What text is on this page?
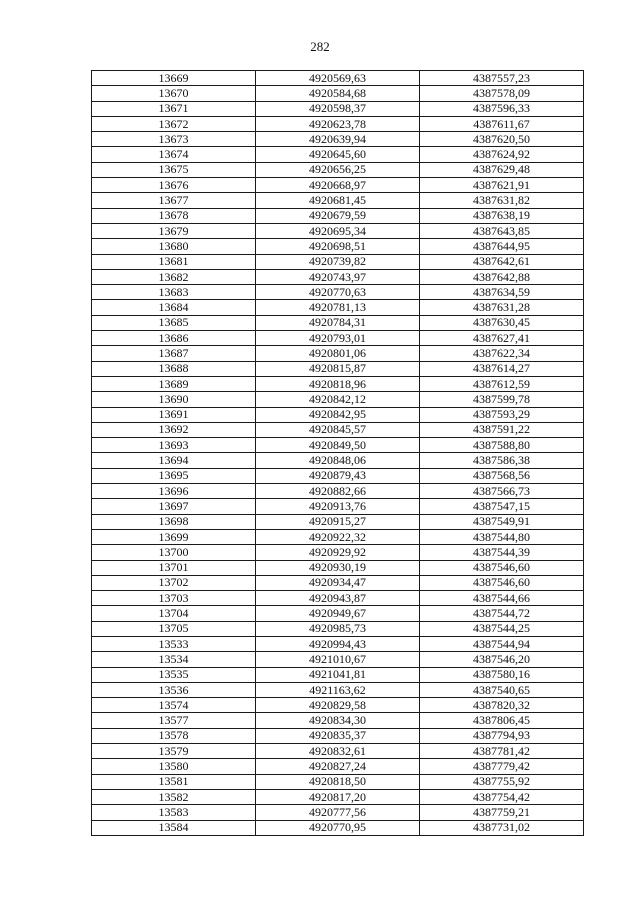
282
13669	4920569,63	4387557,23
13670	4920584,68	4387578,09
13671	4920598,37	4387596,33
13672	4920623,78	4387611,67
13673	4920639,94	4387620,50
13674	4920645,60	4387624,92
13675	4920656,25	4387629,48
13676	4920668,97	4387621,91
13677	4920681,45	4387631,82
13678	4920679,59	4387638,19
13679	4920695,34	4387643,85
13680	4920698,51	4387644,95
13681	4920739,82	4387642,61
13682	4920743,97	4387642,88
13683	4920770,63	4387634,59
13684	4920781,13	4387631,28
13685	4920784,31	4387630,45
13686	4920793,01	4387627,41
13687	4920801,06	4387622,34
13688	4920815,87	4387614,27
13689	4920818,96	4387612,59
13690	4920842,12	4387599,78
13691	4920842,95	4387593,29
13692	4920845,57	4387591,22
13693	4920849,50	4387588,80
13694	4920848,06	4387586,38
13695	4920879,43	4387568,56
13696	4920882,66	4387566,73
13697	4920913,76	4387547,15
13698	4920915,27	4387549,91
13699	4920922,32	4387544,80
13700	4920929,92	4387544,39
13701	4920930,19	4387546,60
13702	4920934,47	4387546,60
13703	4920943,87	4387544,66
13704	4920949,67	4387544,72
13705	4920985,73	4387544,25
13533	4920994,43	4387544,94
13534	4921010,67	4387546,20
13535	4921041,81	4387580,16
13536	4921163,62	4387540,65
13574	4920829,58	4387820,32
13577	4920834,30	4387806,45
13578	4920835,37	4387794,93
13579	4920832,61	4387781,42
13580	4920827,24	4387779,42
13581	4920818,50	4387755,92
13582	4920817,20	4387754,42
13583	4920777,56	4387759,21
13584	4920770,95	4387731,02
